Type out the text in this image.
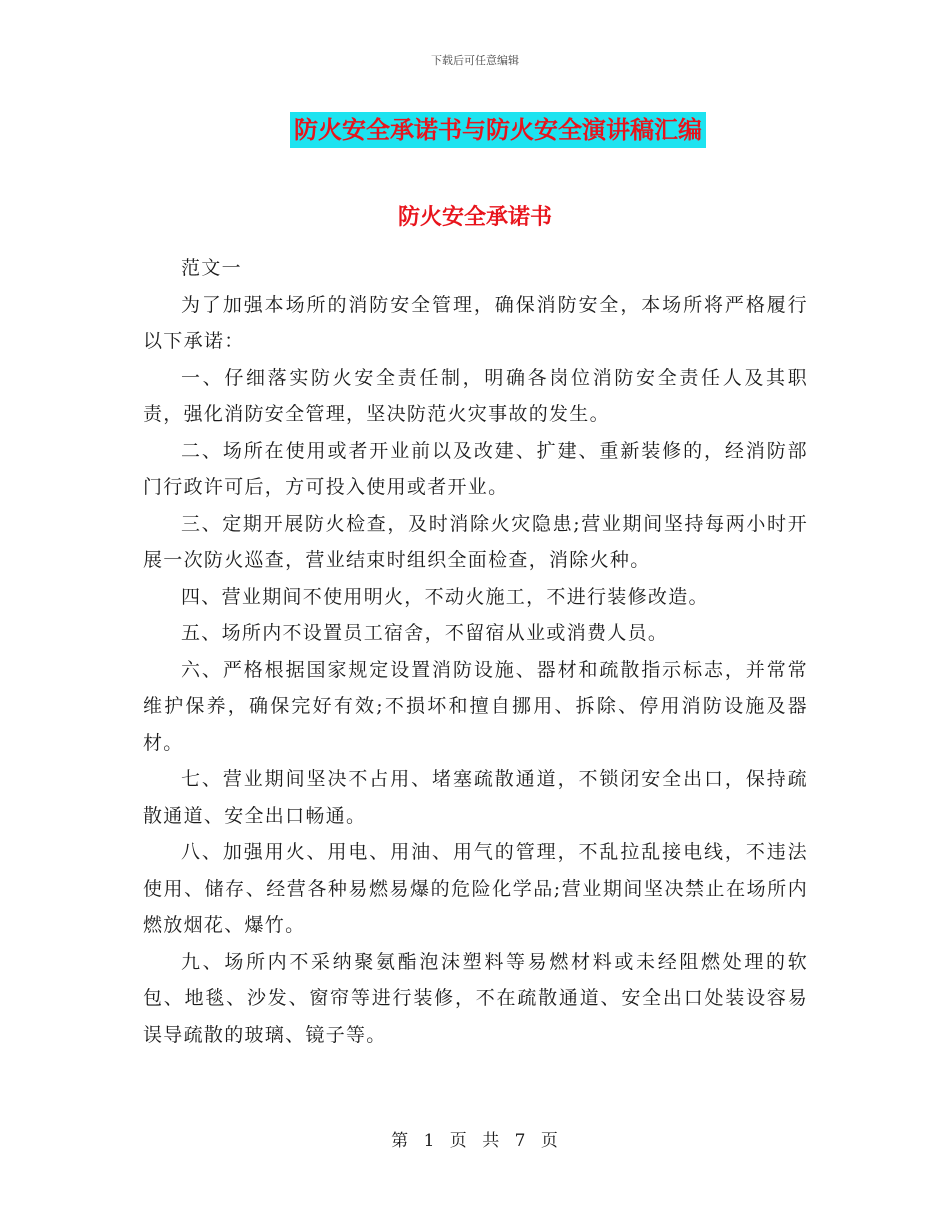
下载后可任意编辑
防火安全承诺书与防火安全演讲稿汇编
防火安全承诺书

范文一

为了加强本场所的消防安全管理，确保消防安全，本场所将严格履行以下承诺：

一、仔细落实防火安全责任制，明确各岗位消防安全责任人及其职责，强化消防安全管理，坚决防范火灾事故的发生。

二、场所在使用或者开业前以及改建、扩建、重新装修的，经消防部门行政许可后，方可投入使用或者开业。

三、定期开展防火检查，及时消除火灾隐患;营业期间坚持每两小时开展一次防火巡查，营业结束时组织全面检查，消除火种。

四、营业期间不使用明火，不动火施工，不进行装修改造。

五、场所内不设置员工宿舍，不留宿从业或消费人员。

六、严格根据国家规定设置消防设施、器材和疏散指示标志，并常常维护保养，确保完好有效;不损坏和擅自挪用、拆除、停用消防设施及器材。

七、营业期间坚决不占用、堵塞疏散通道，不锁闭安全出口，保持疏散通道、安全出口畅通。

八、加强用火、用电、用油、用气的管理，不乱拉乱接电线，不违法使用、储存、经营各种易燃易爆的危险化学品;营业期间坚决禁止在场所内燃放烟花、爆竹。

九、场所内不采纳聚氨酯泡沫塑料等易燃材料或未经阻燃处理的软包、地毯、沙发、窗帘等进行装修，不在疏散通道、安全出口处装设容易误导疏散的玻璃、镜子等。

第 1 页 共 7 页
